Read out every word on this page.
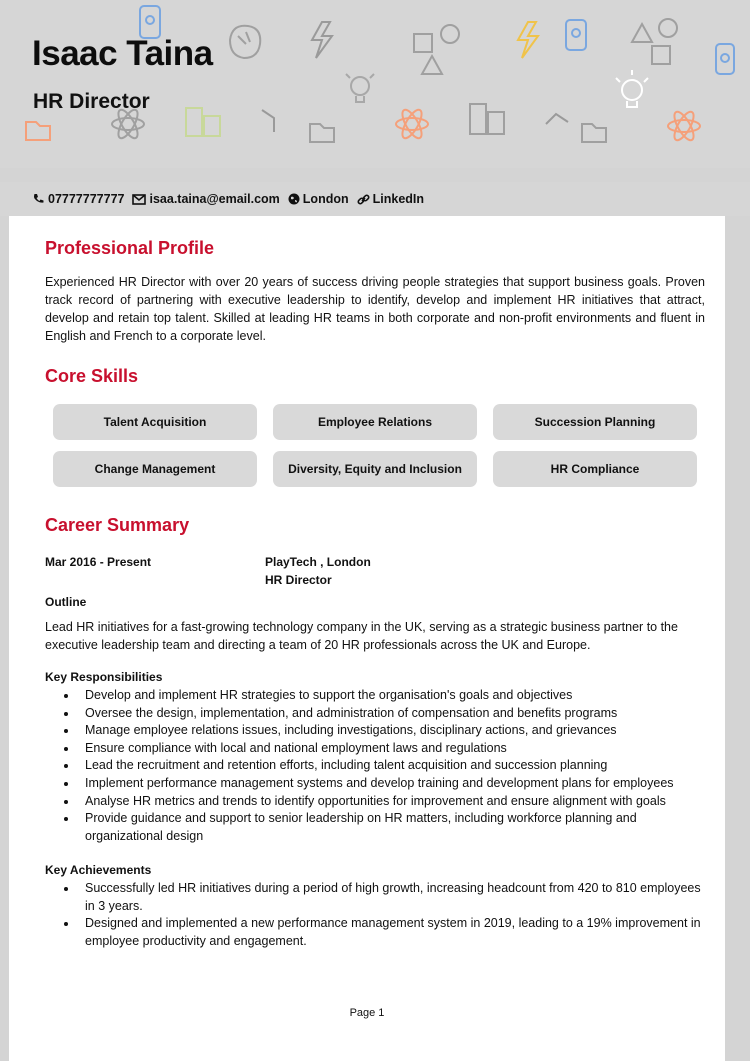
Isaac Taina
HR Director
07777777777 isaa.taina@email.com London LinkedIn
Professional Profile

Experienced HR Director with over 20 years of success driving people strategies that support business goals. Proven track record of partnering with executive leadership to identify, develop and implement HR initiatives that attract, develop and retain top talent. Skilled at leading HR teams in both corporate and non-profit environments and fluent in English and French to a corporate level.

Core Skills
Talent Acquisition	Employee Relations	Succession Planning
Change Management	Diversity, Equity and Inclusion	HR Compliance
Career Summary

Mar 2016 - Present	PlayTech , London

HR Director

Outline

Lead HR initiatives for a fast-growing technology company in the UK, serving as a strategic business partner to the executive leadership team and directing a team of 20 HR professionals across the UK and Europe.

Key Responsibilities

Develop and implement HR strategies to support the organisation's goals and objectives
Oversee the design, implementation, and administration of compensation and benefits programs
Manage employee relations issues, including investigations, disciplinary actions, and grievances
Ensure compliance with local and national employment laws and regulations
Lead the recruitment and retention efforts, including talent acquisition and succession planning
Implement performance management systems and develop training and development plans for employees
Analyse HR metrics and trends to identify opportunities for improvement and ensure alignment with goals
Provide guidance and support to senior leadership on HR matters, including workforce planning and organizational design

Key Achievements

Successfully led HR initiatives during a period of high growth, increasing headcount from 420 to 810 employees in 3 years.
Designed and implemented a new performance management system in 2019, leading to a 19% improvement in employee productivity and engagement.

Page 1
